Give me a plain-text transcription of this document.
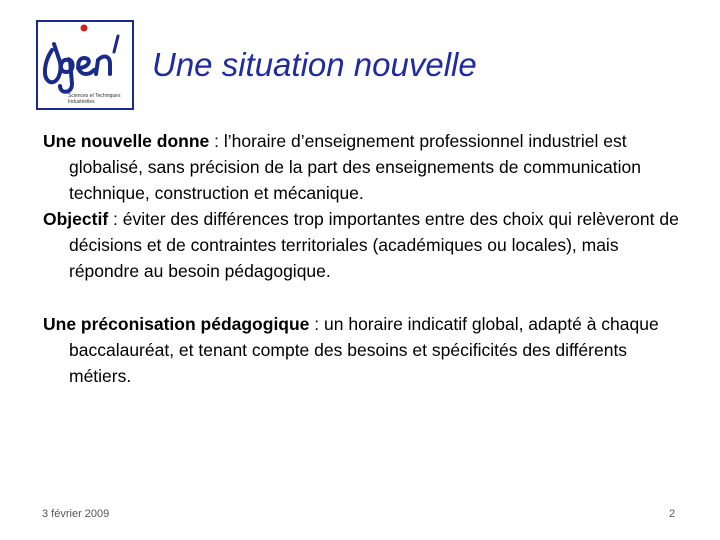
Sciences et Techniques Industrielles
Une situation nouvelle

Une nouvelle donne : l’horaire d’enseignement professionnel industriel est globalisé, sans précision de la part des enseignements de communication technique, construction et mécanique.

Objectif : éviter des différences trop importantes entre des choix qui relèveront de décisions et de contraintes territoriales (académiques ou locales), mais répondre au besoin pédagogique.

Une préconisation pédagogique : un horaire indicatif global, adapté à chaque baccalauréat, et tenant compte des besoins et spécificités des différents métiers.

3 février 2009	2
